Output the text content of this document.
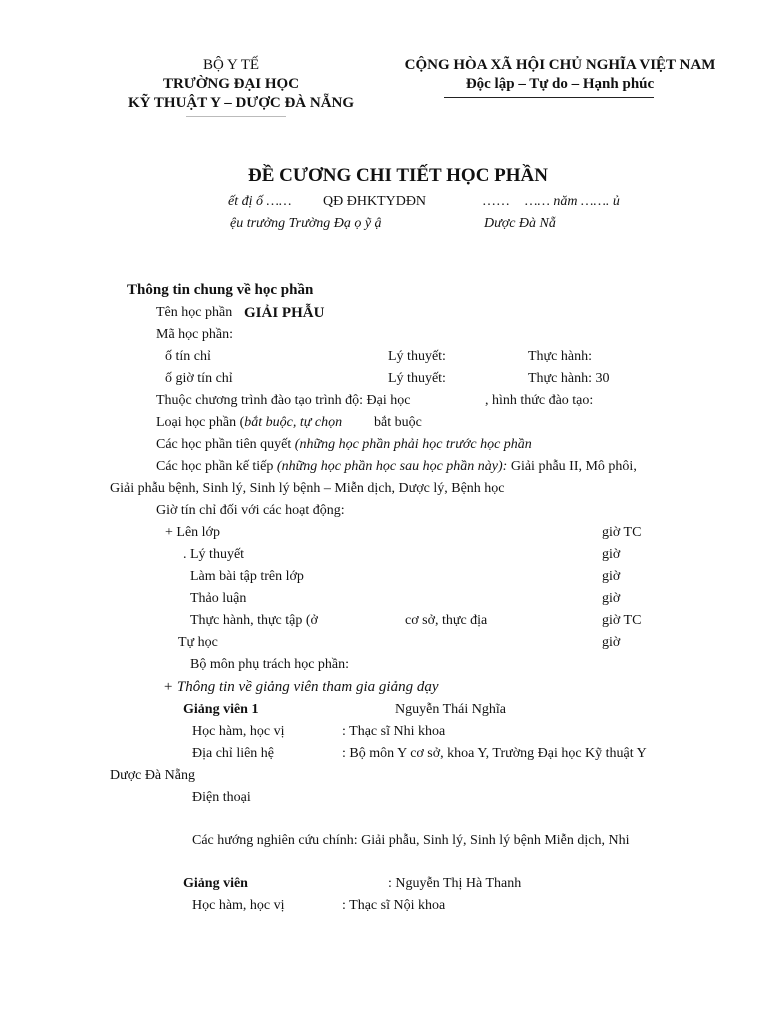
BỘ Y TẾ
TRƯỜNG ĐẠI HỌC
KỸ THUẬT Y – DƯỢC ĐÀ NẴNG
CỘNG HÒA XÃ HỘI CHỦ NGHĨA VIỆT NAM
Độc lập – Tự do – Hạnh phúc
ĐỀ CƯƠNG CHI TIẾT HỌC PHẦN
ết đị ố …… QĐ ĐHKTYDĐN	…… …… năm ……. ủ
ệu trưởng Trường Đạ ọ ỹ ậ	Dược Đà Nẵ
Thông tin chung về học phần
Tên học phần GIẢI PHẪU
Mã học phần:
ố tín chỉ	Lý thuyết:	Thực hành:
ố giờ tín chỉ	Lý thuyết:	Thực hành: 30
Thuộc chương trình đào tạo trình độ: Đại học	, hình thức đào tạo:
Loại học phần (bắt buộc, tự chọn bắt buộc
Các học phần tiên quyết (những học phần phải học trước học phần
Các học phần kế tiếp (những học phần học sau học phần này): Giải phẫu II, Mô phôi,
Giải phẫu bệnh, Sinh lý, Sinh lý bệnh – Miễn dịch, Dược lý, Bệnh học
Giờ tín chỉ đối với các hoạt động:
+ Lên lớp	giờ TC
. Lý thuyết	giờ
Làm bài tập trên lớp	giờ
Thảo luận	giờ
Thực hành, thực tập (ở	cơ sở, thực địa	giờ TC
Tự học	giờ
Bộ môn phụ trách học phần:
+ Thông tin về giảng viên tham gia giảng dạy
Giảng viên 1	Nguyễn Thái Nghĩa
Học hàm, học vị	: Thạc sĩ Nhi khoa
Địa chỉ liên hệ	: Bộ môn Y cơ sở, khoa Y, Trường Đại học Kỹ thuật Y
Dược Đà Nẵng
Điện thoại
Các hướng nghiên cứu chính: Giải phẫu, Sinh lý, Sinh lý bệnh Miễn dịch, Nhi
Giảng viên	: Nguyễn Thị Hà Thanh
Học hàm, học vị	: Thạc sĩ Nội khoa
